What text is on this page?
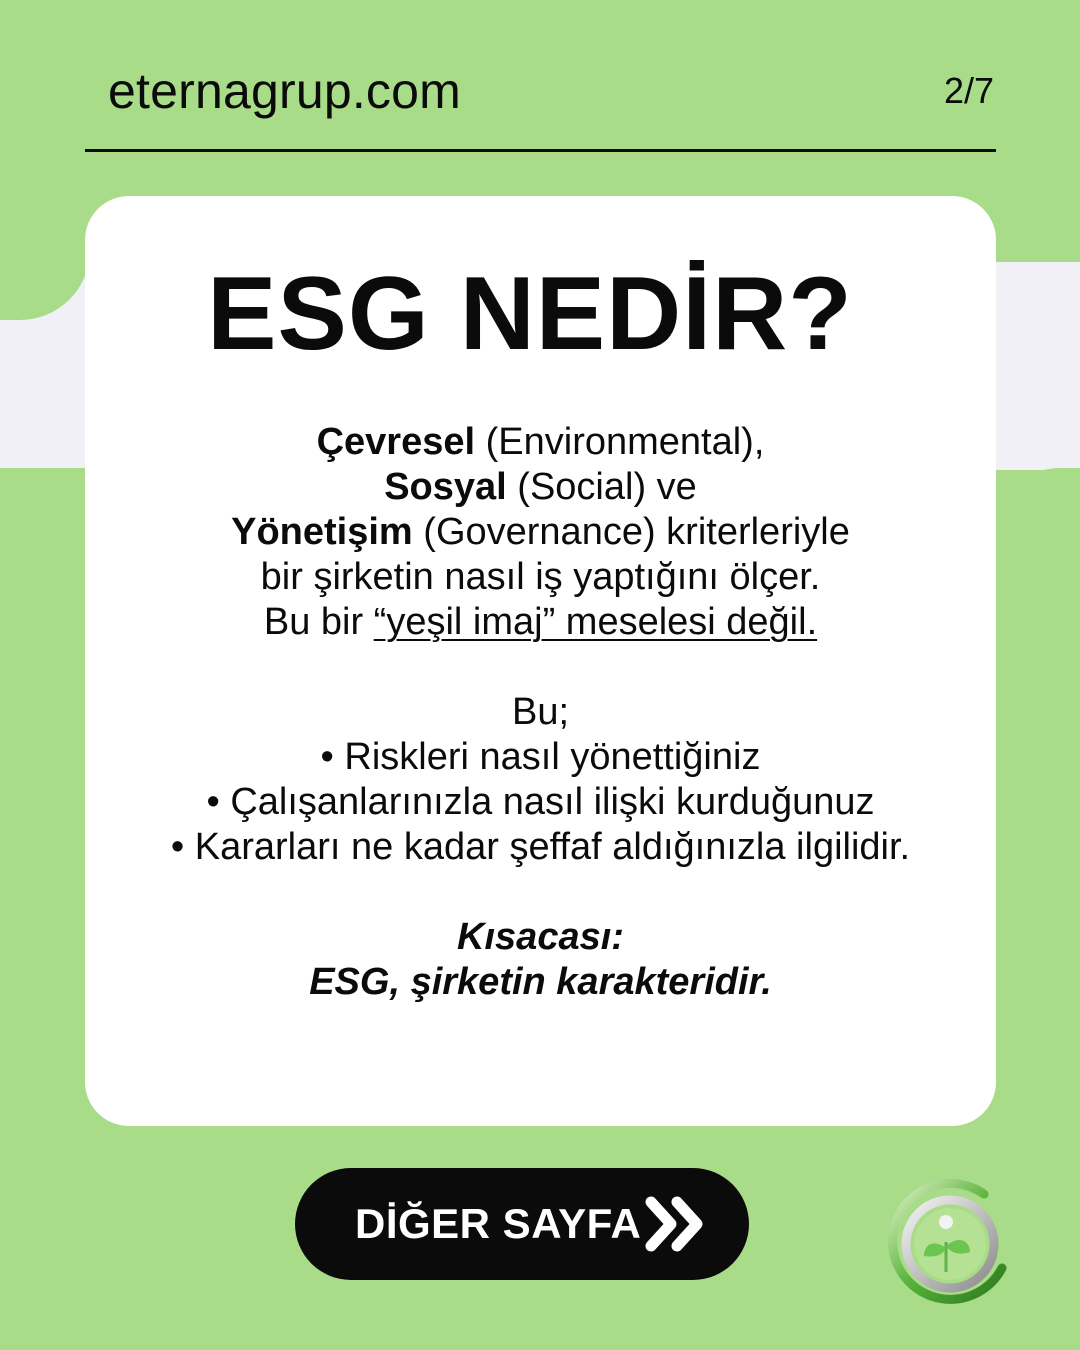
eternagrup.com	2/7
ESG NEDİR?

Çevresel (Environmental),

Sosyal (Social) ve

Yönetişim (Governance) kriterleriyle

bir şirketin nasıl iş yaptığını ölçer.

Bu bir “yeşil imaj” meselesi değil.

Bu;

• Riskleri nasıl yönettiğiniz

• Çalışanlarınızla nasıl ilişki kurduğunuz

• Kararları ne kadar şeffaf aldığınızla ilgilidir.

Kısacası:

ESG, şirketin karakteridir.

DİĞER SAYFA
